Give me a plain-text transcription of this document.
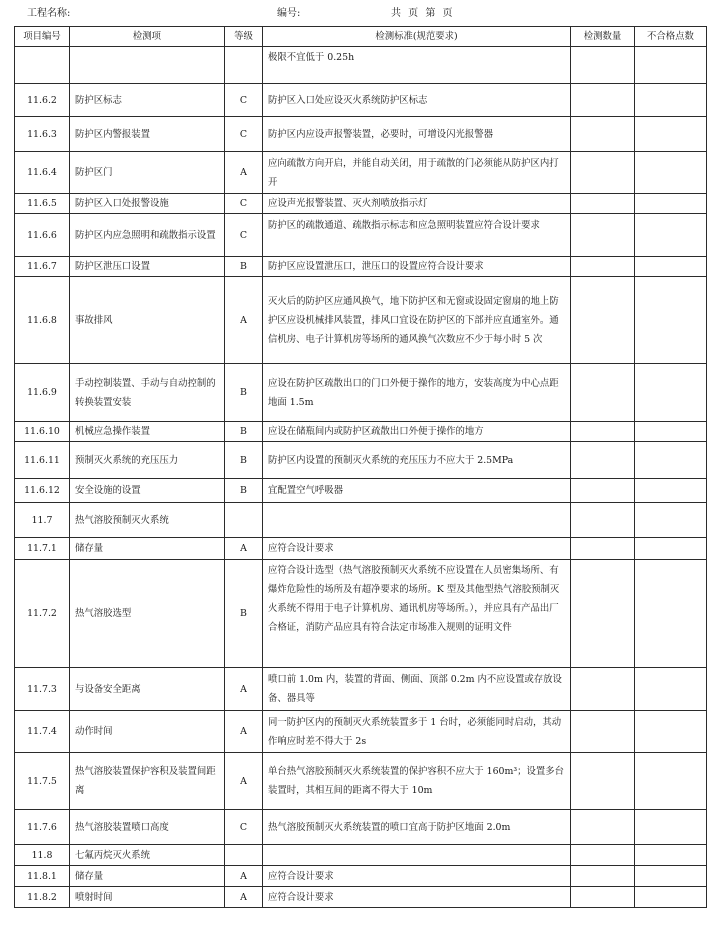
工程名称:	编号:	共 页 第 页
项目编号	检测项	等级	检测标准(规范要求)	检测数量	不合格点数
			极限不宜低于 0.25h		
11.6.2	防护区标志	C	防护区入口处应设灭火系统防护区标志		
11.6.3	防护区内警报装置	C	防护区内应设声报警装置，必要时，可增设闪光报警器		
11.6.4	防护区门	A	应向疏散方向开启，并能自动关闭，用于疏散的门必须能从防护区内打开		
11.6.5	防护区入口处报警设施	C	应设声光报警装置、灭火剂喷放指示灯		
11.6.6	防护区内应急照明和疏散指示设置	C	防护区的疏散通道、疏散指示标志和应急照明装置应符合设计要求		
11.6.7	防护区泄压口设置	B	防护区应设置泄压口，泄压口的设置应符合设计要求		
11.6.8	事故排风	A	灭火后的防护区应通风换气，地下防护区和无窗或设固定窗扇的地上防护区应设机械排风装置，排风口宜设在防护区的下部并应直通室外。通信机房、电子计算机房等场所的通风换气次数应不少于每小时 5 次		
11.6.9	手动控制装置、手动与自动控制的转换装置安装	B	应设在防护区疏散出口的门口外便于操作的地方，安装高度为中心点距地面 1.5m		
11.6.10	机械应急操作装置	B	应设在储瓶间内或防护区疏散出口外便于操作的地方		
11.6.11	预制灭火系统的充压压力	B	防护区内设置的预制灭火系统的充压压力不应大于 2.5MPa		
11.6.12	安全设施的设置	B	宜配置空气呼吸器		
11.7	热气溶胶预制灭火系统				
11.7.1	储存量	A	应符合设计要求		
11.7.2	热气溶胶选型	B	应符合设计选型（热气溶胶预制灭火系统不应设置在人员密集场所、有爆炸危险性的场所及有超净要求的场所。K 型及其他型热气溶胶预制灭火系统不得用于电子计算机房、通讯机房等场所。），并应具有产品出厂合格证，消防产品应具有符合法定市场准入规则的证明文件		
11.7.3	与设备安全距离	A	喷口前 1.0m 内，装置的背面、侧面、顶部 0.2m 内不应设置或存放设备、器具等		
11.7.4	动作时间	A	同一防护区内的预制灭火系统装置多于 1 台时，必须能同时启动，其动作响应时差不得大于 2s		
11.7.5	热气溶胶装置保护容积及装置间距离	A	单台热气溶胶预制灭火系统装置的保护容积不应大于 160m³；设置多台装置时，其相互间的距离不得大于 10m		
11.7.6	热气溶胶装置喷口高度	C	热气溶胶预制灭火系统装置的喷口宜高于防护区地面 2.0m		
11.8	七氟丙烷灭火系统				
11.8.1	储存量	A	应符合设计要求		
11.8.2	喷射时间	A	应符合设计要求		
